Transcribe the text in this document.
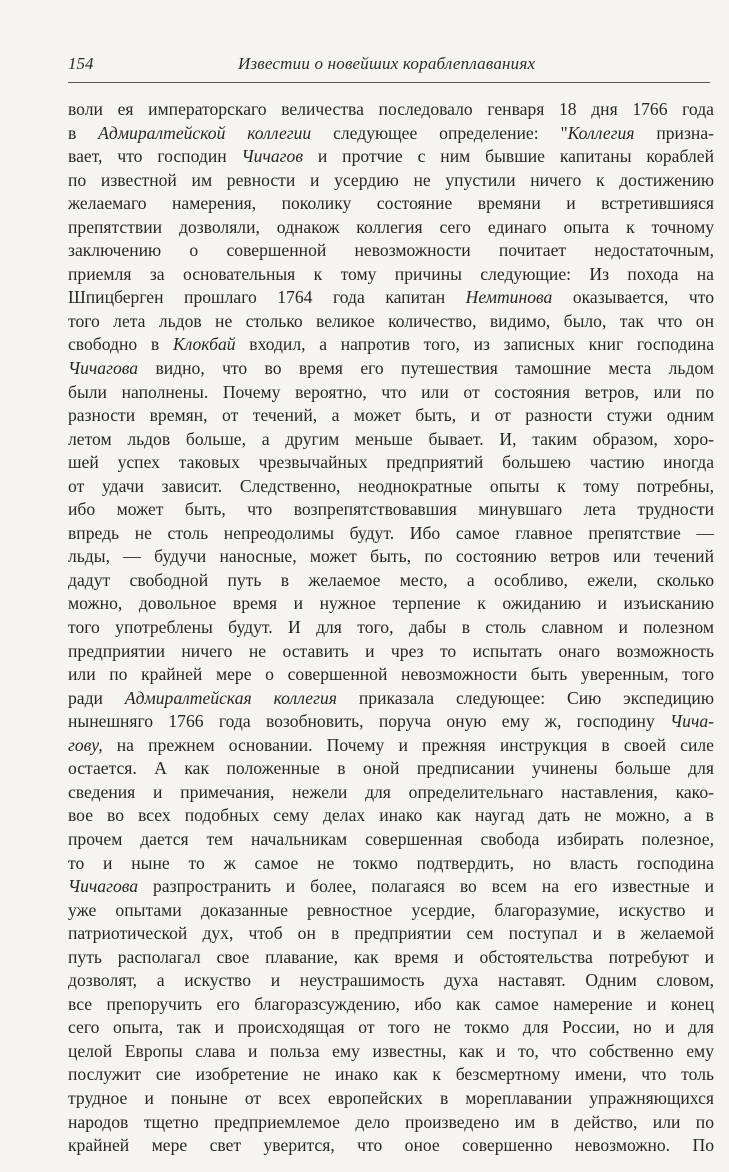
154	Известии о новейших кораблеплаваниях
воли ея императорскаго величества последовало генваря 18 дня 1766 года
в Адмиралтейской коллегии следующее определение: "Коллегия призна-
вает, что господин Чичагов и протчие с ним бывшие капитаны кораблей
по известной им ревности и усердию не упустили ничего к достижению
желаемаго намерения, поколику состояние времяни и встретившияся
препятствии дозволяли, однакож коллегия сего единаго опыта к точному
заключению о совершенной невозможности почитает недостаточным,
приемля за основательныя к тому причины следующие: Из похода на
Шпицберген прошлаго 1764 года капитан Немтинова оказывается, что
того лета льдов не столько великое количество, видимо, было, так что он
свободно в Клокбай входил, а напротив того, из записных книг господина
Чичагова видно, что во время его путешествия тамошние места льдом
были наполнены. Почему вероятно, что или от состояния ветров, или по
разности времян, от течений, а может быть, и от разности стужи одним
летом льдов больше, а другим меньше бывает. И, таким образом, хоро-
шей успех таковых чрезвычайных предприятий большею частию иногда
от удачи зависит. Следственно, неоднократные опыты к тому потребны,
ибо может быть, что возпрепятствовавшия минувшаго лета трудности
впредь не столь непреодолимы будут. Ибо самое главное препятствие —
льды, — будучи наносные, может быть, по состоянию ветров или течений
дадут свободной путь в желаемое место, а особливо, ежели, сколько
можно, довольное время и нужное терпение к ожиданию и изъисканию
того употреблены будут. И для того, дабы в столь славном и полезном
предприятии ничего не оставить и чрез то испытать онаго возможность
или по крайней мере о совершенной невозможности быть уверенным, того
ради Адмиралтейская коллегия приказала следующее: Сию экспедицию
нынешняго 1766 года возобновить, поруча оную ему ж, господину Чича-
гову, на прежнем основании. Почему и прежняя инструкция в своей силе
остается. А как положенные в оной предписании учинены больше для
сведения и примечания, нежели для определительнаго наставления, како-
вое во всех подобных сему делах инако как наугад дать не можно, а в
прочем дается тем начальникам совершенная свобода избирать полезное,
то и ныне то ж самое не токмо подтвердить, но власть господина
Чичагова разпространить и более, полагаяся во всем на его известные и
уже опытами доказанные ревностное усердие, благоразумие, искуство и
патриотической дух, чтоб он в предприятии сем поступал и в желаемой
путь располагал свое плавание, как время и обстоятельства потребуют и
дозволят, а искуство и неустрашимость духа наставят. Одним словом,
все препоручить его благоразсуждению, ибо как самое намерение и конец
сего опыта, так и происходящая от того не токмо для России, но и для
целой Европы слава и польза ему известны, как и то, что собственно ему
послужит сие изобретение не инако как к безсмертному имени, что толь
трудное и поныне от всех европейских в мореплавании упражняющихся
народов тщетно предприемлемое дело произведено им в действо, или по
крайней мере свет уверится, что оное совершенно невозможно. По
